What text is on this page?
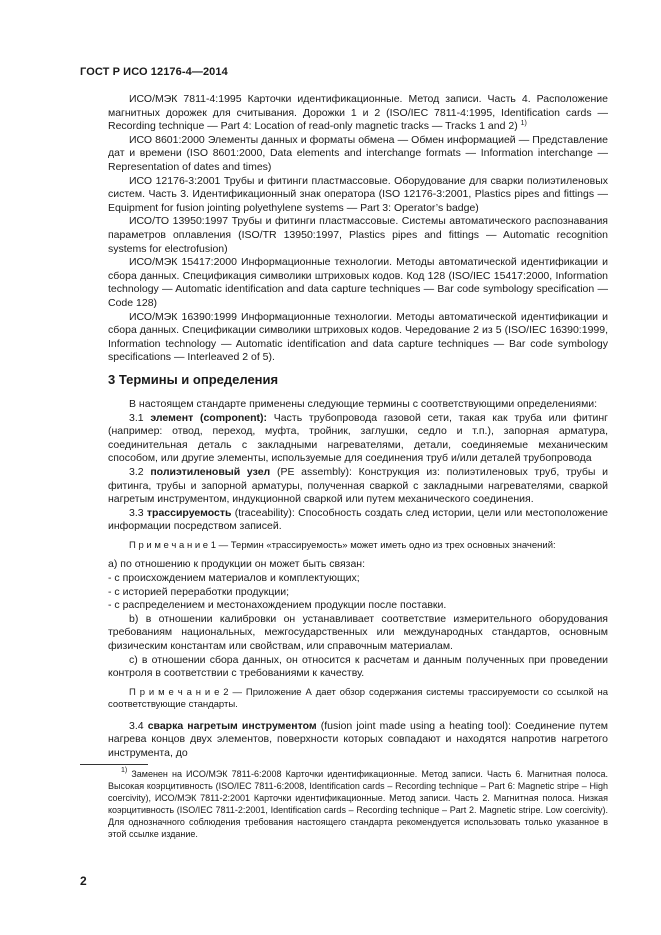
ГОСТ Р ИСО 12176-4—2014

ИСО/МЭК 7811-4:1995 Карточки идентификационные. Метод записи. Часть 4. Расположение магнитных дорожек для считывания. Дорожки 1 и 2 (ISO/IEC 7811-4:1995, Identification cards — Recording technique — Part 4: Location of read-only magnetic tracks — Tracks 1 and 2) $^{1)}$

ИСО 8601:2000 Элементы данных и форматы обмена — Обмен информацией — Представление дат и времени (ISO 8601:2000, Data elements and interchange formats — Information interchange — Representation of dates and times)

ИСО 12176-3:2001 Трубы и фитинги пластмассовые. Оборудование для сварки полиэтиленовых систем. Часть 3. Идентификационный знак оператора (ISO 12176-3:2001, Plastics pipes and fittings — Equipment for fusion jointing polyethylene systems — Part 3: Operator’s badge)

ИСО/ТО 13950:1997 Трубы и фитинги пластмассовые. Системы автоматического распознавания параметров оплавления (ISO/TR 13950:1997, Plastics pipes and fittings — Automatic recognition systems for electrofusion)

ИСО/МЭК 15417:2000 Информационные технологии. Методы автоматической идентификации и сбора данных. Спецификация символики штриховых кодов. Код 128 (ISO/IEC 15417:2000, Information technology — Automatic identification and data capture techniques — Bar code symbology specification — Code 128)

ИСО/МЭК 16390:1999 Информационные технологии. Методы автоматической идентификации и сбора данных. Спецификации символики штриховых кодов. Чередование 2 из 5 (ISO/IEC 16390:1999, Information technology — Automatic identification and data capture techniques — Bar code symbology specifications — Interleaved 2 of 5).

3 Термины и определения

В настоящем стандарте применены следующие термины с соответствующими определениями:

3.1 элемент (component): Часть трубопровода газовой сети, такая как труба или фитинг (например: отвод, переход, муфта, тройник, заглушки, седло и т.п.), запорная арматура, соединительная деталь с закладными нагревателями, детали, соединяемые механическим способом, или другие элементы, используемые для соединения труб и/или деталей трубопровода

3.2 полиэтиленовый узел (PE assembly): Конструкция из: полиэтиленовых труб, трубы и фитинга, трубы и запорной арматуры, полученная сваркой с закладными нагревателями, сваркой нагретым инструментом, индукционной сваркой или путем механического соединения.

3.3 трассируемость (traceability): Способность создать след истории, цели или местоположение информации посредством записей.

П р и м е ч а н и е 1 — Термин «трассируемость» может иметь одно из трех основных значений:

а) по отношению к продукции он может быть связан:

- с происхождением материалов и комплектующих;

- с историей переработки продукции;

- с распределением и местонахождением продукции после поставки.

b) в отношении калибровки он устанавливает соответствие измерительного оборудования требованиям национальных, межгосударственных или международных стандартов, основным физическим константам или свойствам, или справочным материалам.

c) в отношении сбора данных, он относится к расчетам и данным полученных при проведении контроля в соответствии с требованиями к качеству.

П р и м е ч а н и е 2 — Приложение А дает обзор содержания системы трассируемости со ссылкой на соответствующие стандарты.

3.4 сварка нагретым инструментом (fusion joint made using a heating tool): Соединение путем нагрева концов двух элементов, поверхности которых совпадают и находятся напротив нагретого инструмента, до

$^{1)}$ Заменен на ИСО/МЭК 7811-6:2008 Карточки идентификационные. Метод записи. Часть 6. Магнитная полоса. Высокая коэрцитивность (ISO/IEC 7811-6:2008, Identification cards – Recording technique – Part 6: Magnetic stripe – High coercivity), ИСО/МЭК 7811-2:2001 Карточки идентификационные. Метод записи. Часть 2. Магнитная полоса. Низкая коэрцитивность (ISO/IEC 7811-2:2001, Identification cards – Recording technique – Part 2. Magnetic stripe. Low coercivity). Для однозначного соблюдения требования настоящего стандарта рекомендуется использовать только указанное в этой ссылке издание.

2
